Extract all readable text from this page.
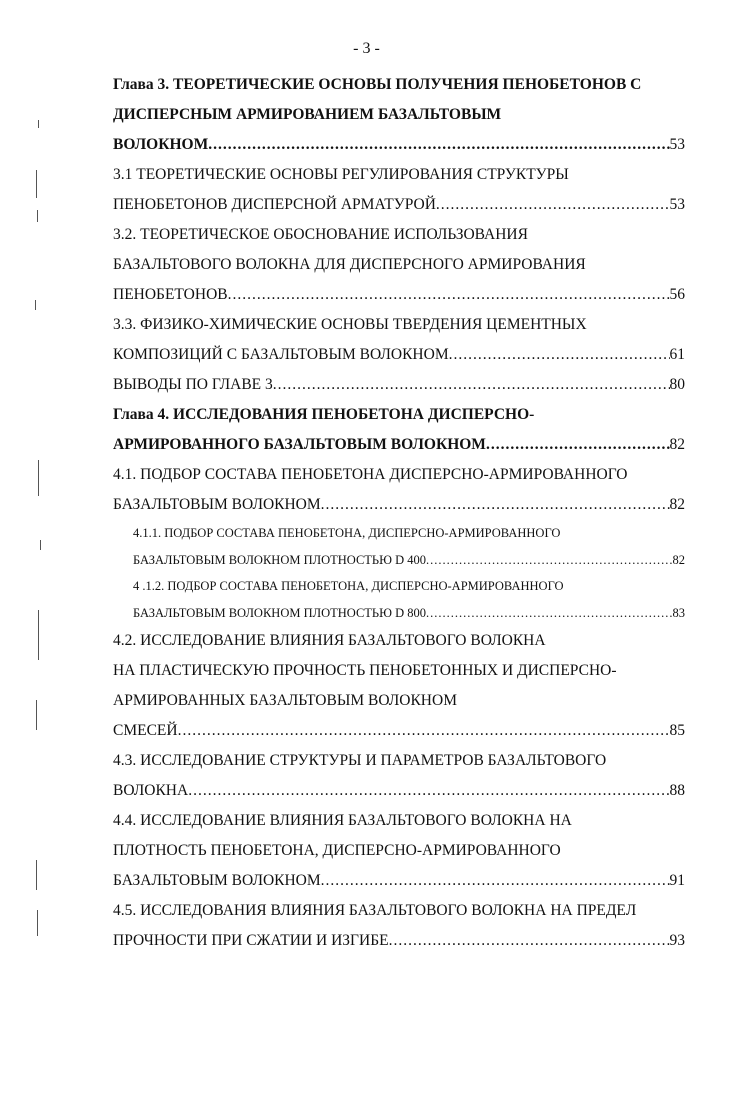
- 3 -
Глава 3. ТЕОРЕТИЧЕСКИЕ ОСНОВЫ ПОЛУЧЕНИЯ ПЕНОБЕТОНОВ С
ДИСПЕРСНЫМ АРМИРОВАНИЕМ БАЗАЛЬТОВЫМ
ВОЛОКНОМ .....	53
3.1 ТЕОРЕТИЧЕСКИЕ ОСНОВЫ РЕГУЛИРОВАНИЯ СТРУКТУРЫ
ПЕНОБЕТОНОВ ДИСПЕРСНОЙ АРМАТУРОЙ .....	53
3.2. ТЕОРЕТИЧЕСКОЕ ОБОСНОВАНИЕ ИСПОЛЬЗОВАНИЯ
БАЗАЛЬТОВОГО ВОЛОКНА ДЛЯ ДИСПЕРСНОГО АРМИРОВАНИЯ
ПЕНОБЕТОНОВ .....	56
3.3. ФИЗИКО-ХИМИЧЕСКИЕ ОСНОВЫ ТВЕРДЕНИЯ ЦЕМЕНТНЫХ
КОМПОЗИЦИЙ С БАЗАЛЬТОВЫМ ВОЛОКНОМ .....	61
ВЫВОДЫ ПО ГЛАВЕ 3 .....	80
Глава 4. ИССЛЕДОВАНИЯ ПЕНОБЕТОНА ДИСПЕРСНО-
АРМИРОВАННОГО БАЗАЛЬТОВЫМ ВОЛОКНОМ .....	82
4.1. ПОДБОР СОСТАВА ПЕНОБЕТОНА ДИСПЕРСНО-АРМИРОВАННОГО
БАЗАЛЬТОВЫМ ВОЛОКНОМ .....	82
4.1.1. ПОДБОР СОСТАВА ПЕНОБЕТОНА, ДИСПЕРСНО-АРМИРОВАННОГО
БАЗАЛЬТОВЫМ ВОЛОКНОМ ПЛОТНОСТЬЮ D 400 .....	82
4 .1.2. ПОДБОР СОСТАВА ПЕНОБЕТОНА, ДИСПЕРСНО-АРМИРОВАННОГО
БАЗАЛЬТОВЫМ ВОЛОКНОМ ПЛОТНОСТЬЮ D 800 .....	83
4.2. ИССЛЕДОВАНИЕ ВЛИЯНИЯ БАЗАЛЬТОВОГО ВОЛОКНА
НА ПЛАСТИЧЕСКУЮ ПРОЧНОСТЬ ПЕНОБЕТОННЫХ И ДИСПЕРСНО-
АРМИРОВАННЫХ БАЗАЛЬТОВЫМ ВОЛОКНОМ
СМЕСЕЙ .....	85
4.3. ИССЛЕДОВАНИЕ СТРУКТУРЫ И ПАРАМЕТРОВ БАЗАЛЬТОВОГО
ВОЛОКНА .....	88
4.4. ИССЛЕДОВАНИЕ ВЛИЯНИЯ БАЗАЛЬТОВОГО ВОЛОКНА НА
ПЛОТНОСТЬ ПЕНОБЕТОНА, ДИСПЕРСНО-АРМИРОВАННОГО
БАЗАЛЬТОВЫМ ВОЛОКНОМ .....	91
4.5. ИССЛЕДОВАНИЯ ВЛИЯНИЯ БАЗАЛЬТОВОГО ВОЛОКНА НА ПРЕДЕЛ
ПРОЧНОСТИ ПРИ СЖАТИИ И ИЗГИБЕ .....	93
